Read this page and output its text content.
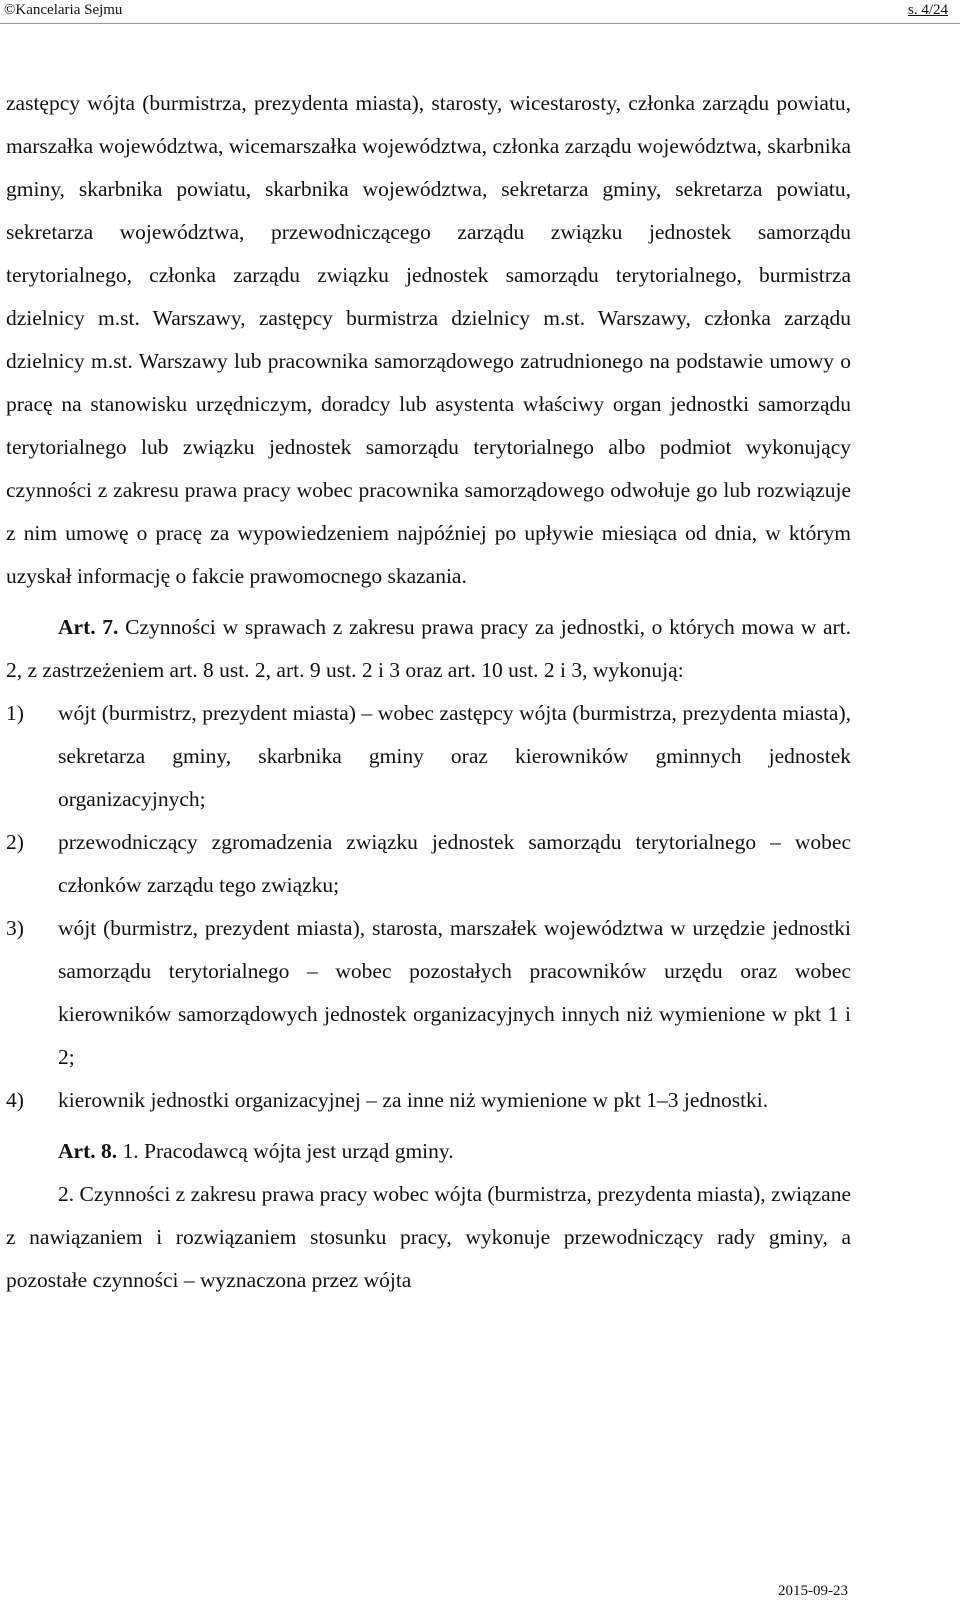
©Kancelaria Sejmu	s. 4/24

zastępcy wójta (burmistrza, prezydenta miasta), starosty, wicestarosty, członka zarządu powiatu, marszałka województwa, wicemarszałka województwa, członka zarządu województwa, skarbnika gminy, skarbnika powiatu, skarbnika województwa, sekretarza gminy, sekretarza powiatu, sekretarza województwa, przewodniczącego zarządu związku jednostek samorządu terytorialnego, członka zarządu związku jednostek samorządu terytorialnego, burmistrza dzielnicy m.st. Warszawy, zastępcy burmistrza dzielnicy m.st. Warszawy, członka zarządu dzielnicy m.st. Warszawy lub pracownika samorządowego zatrudnionego na podstawie umowy o pracę na stanowisku urzędniczym, doradcy lub asystenta właściwy organ jednostki samorządu terytorialnego lub związku jednostek samorządu terytorialnego albo podmiot wykonujący czynności z zakresu prawa pracy wobec pracownika samorządowego odwołuje go lub rozwiązuje z nim umowę o pracę za wypowiedzeniem najpóźniej po upływie miesiąca od dnia, w którym uzyskał informację o fakcie prawomocnego skazania.

Art. 7. Czynności w sprawach z zakresu prawa pracy za jednostki, o których mowa w art. 2, z zastrzeżeniem art. 8 ust. 2, art. 9 ust. 2 i 3 oraz art. 10 ust. 2 i 3, wykonują:

1) wójt (burmistrz, prezydent miasta) – wobec zastępcy wójta (burmistrza, prezydenta miasta), sekretarza gminy, skarbnika gminy oraz kierowników gminnych jednostek organizacyjnych;
2) przewodniczący zgromadzenia związku jednostek samorządu terytorialnego – wobec członków zarządu tego związku;
3) wójt (burmistrz, prezydent miasta), starosta, marszałek województwa w urzędzie jednostki samorządu terytorialnego – wobec pozostałych pracowników urzędu oraz wobec kierowników samorządowych jednostek organizacyjnych innych niż wymienione w pkt 1 i 2;
4) kierownik jednostki organizacyjnej – za inne niż wymienione w pkt 1–3 jednostki.

Art. 8. 1. Pracodawcą wójta jest urząd gminy.

2. Czynności z zakresu prawa pracy wobec wójta (burmistrza, prezydenta miasta), związane z nawiązaniem i rozwiązaniem stosunku pracy, wykonuje przewodniczący rady gminy, a pozostałe czynności – wyznaczona przez wójta

2015-09-23
